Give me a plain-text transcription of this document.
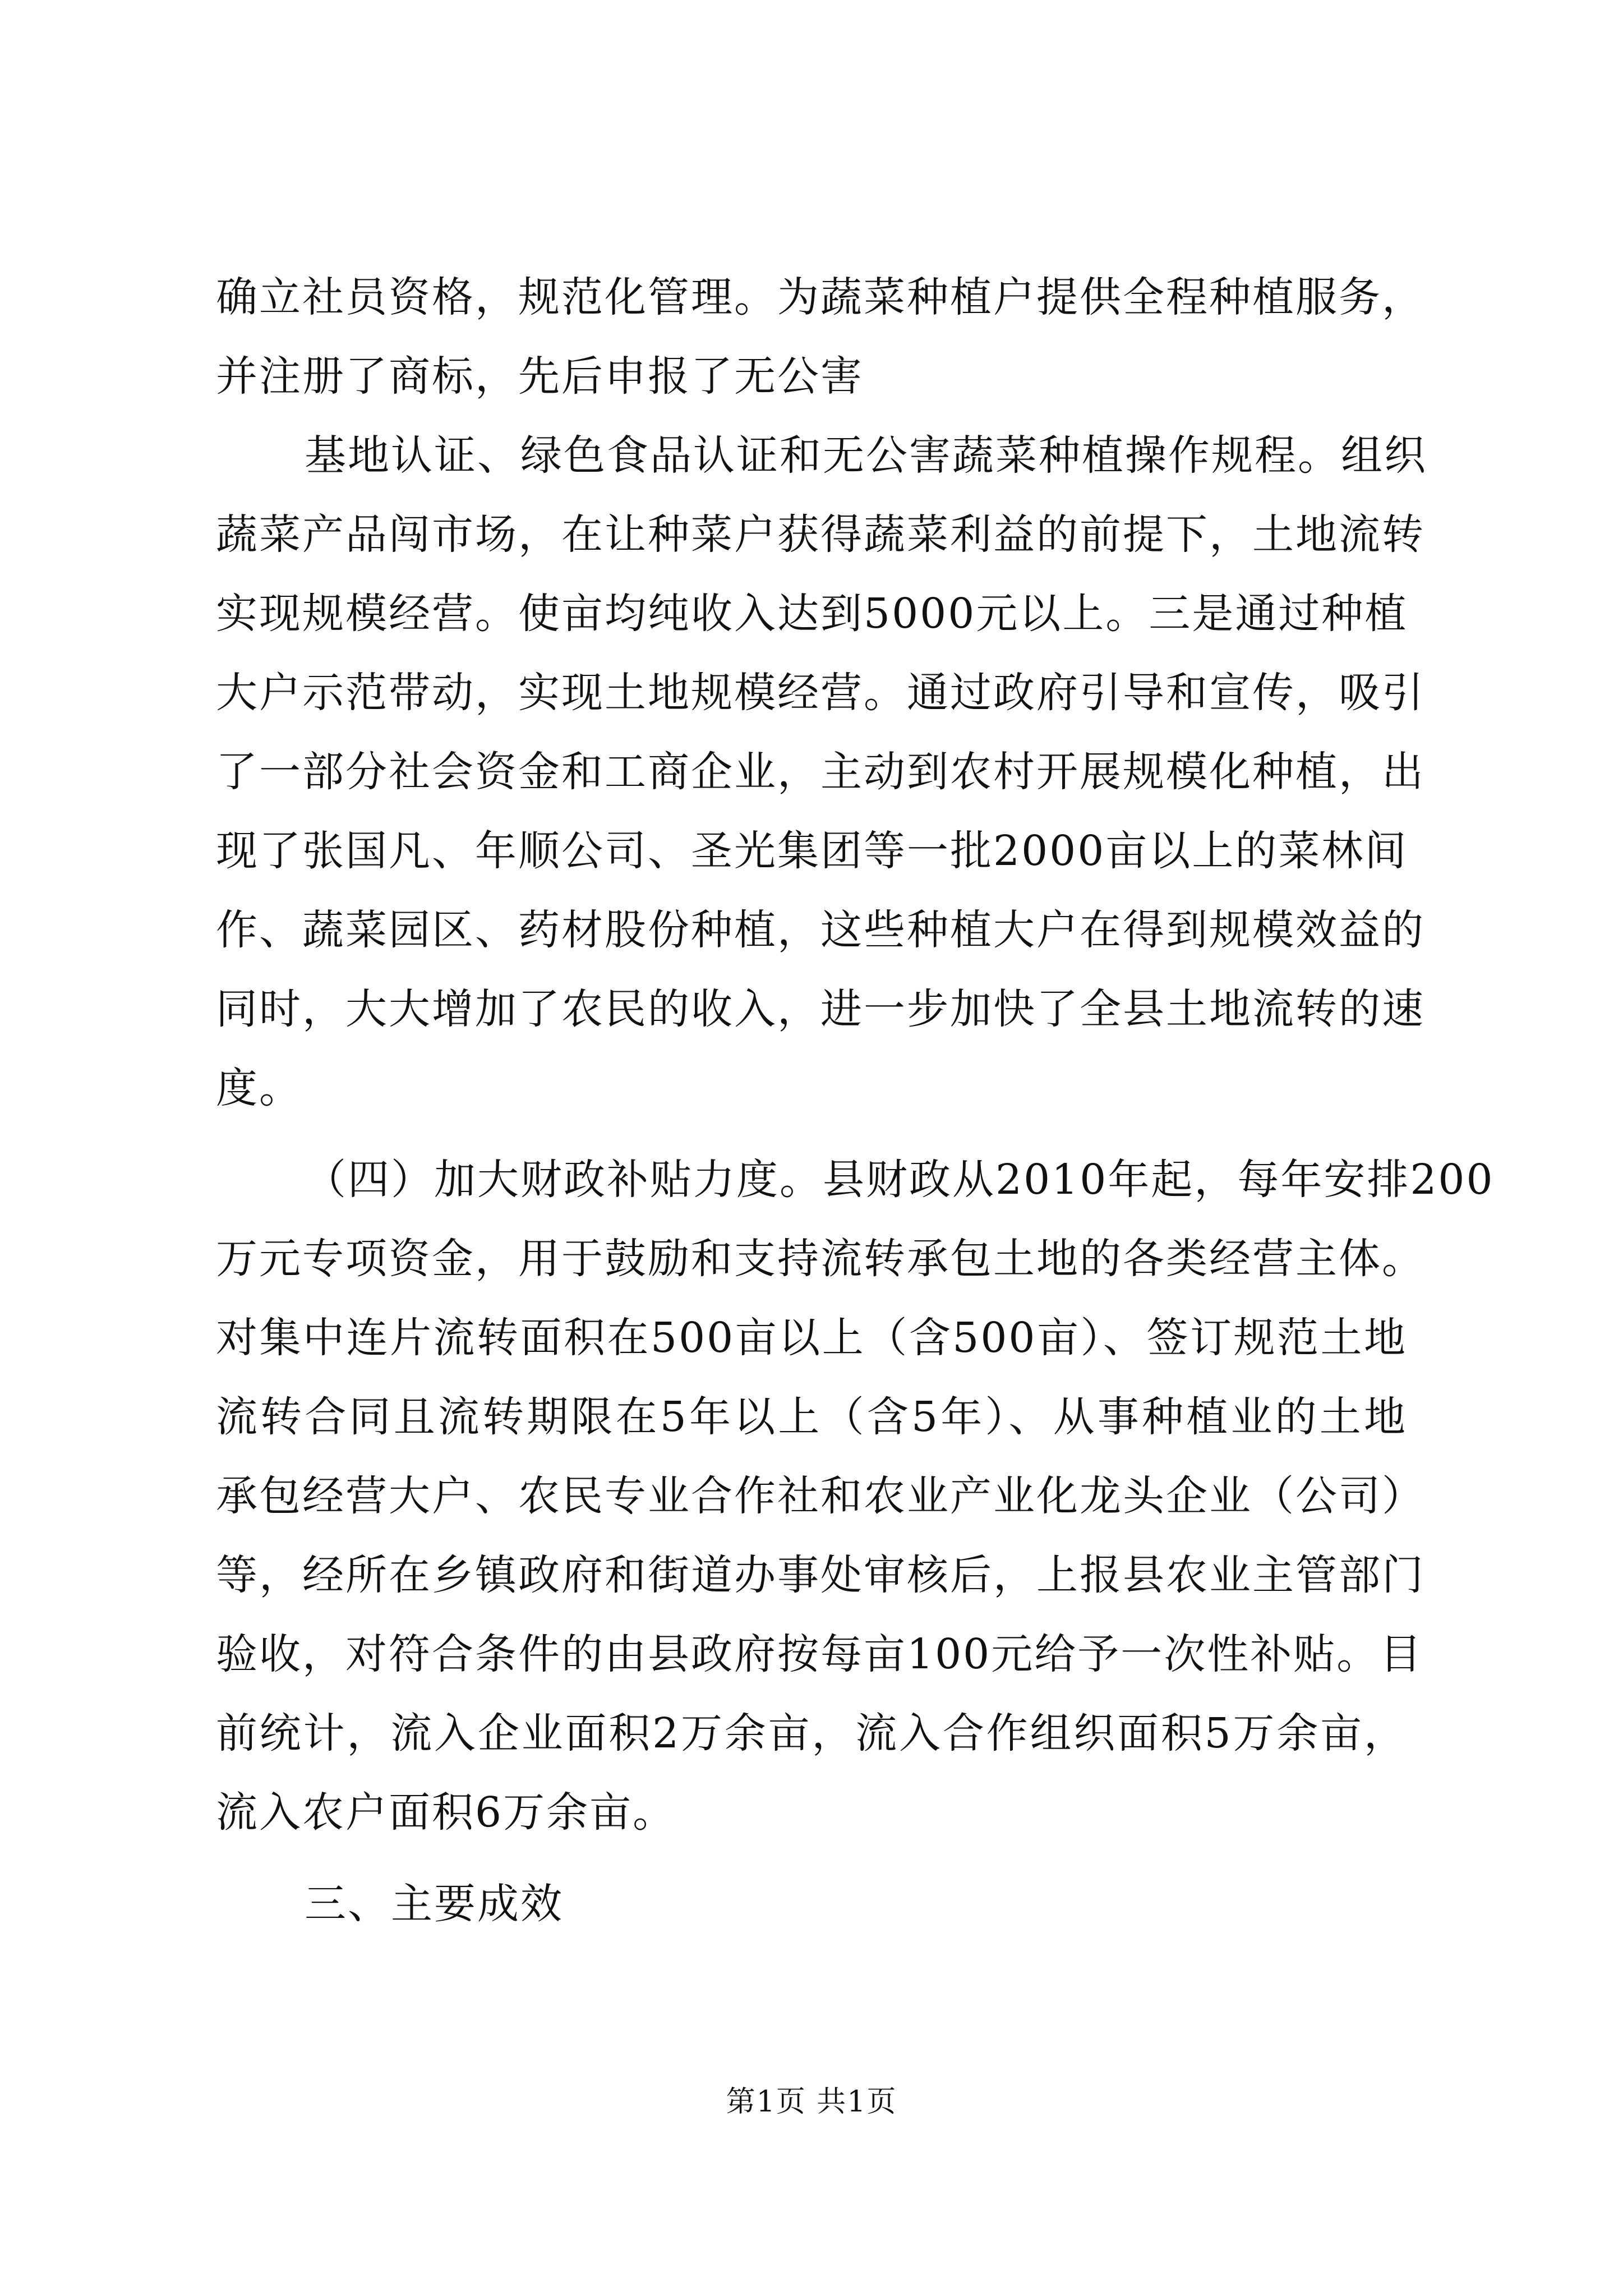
确立社员资格，规范化管理。为蔬菜种植户提供全程种植服务，
并注册了商标，先后申报了无公害
基地认证、绿色食品认证和无公害蔬菜种植操作规程。组织
蔬菜产品闯市场，在让种菜户获得蔬菜利益的前提下，土地流转
实现规模经营。使亩均纯收入达到5000元以上。三是通过种植
大户示范带动，实现土地规模经营。通过政府引导和宣传，吸引
了一部分社会资金和工商企业，主动到农村开展规模化种植，出
现了张国凡、年顺公司、圣光集团等一批2000亩以上的菜林间
作、蔬菜园区、药材股份种植，这些种植大户在得到规模效益的
同时，大大增加了农民的收入，进一步加快了全县土地流转的速
度。
（四）加大财政补贴力度。县财政从2010年起，每年安排200
万元专项资金，用于鼓励和支持流转承包土地的各类经营主体。
对集中连片流转面积在500亩以上（含500亩）、签订规范土地
流转合同且流转期限在5年以上（含5年）、从事种植业的土地
承包经营大户、农民专业合作社和农业产业化龙头企业（公司）
等，经所在乡镇政府和街道办事处审核后，上报县农业主管部门
验收，对符合条件的由县政府按每亩100元给予一次性补贴。目
前统计，流入企业面积2万余亩，流入合作组织面积5万余亩，
流入农户面积6万余亩。
三、主要成效
第1页 共1页
